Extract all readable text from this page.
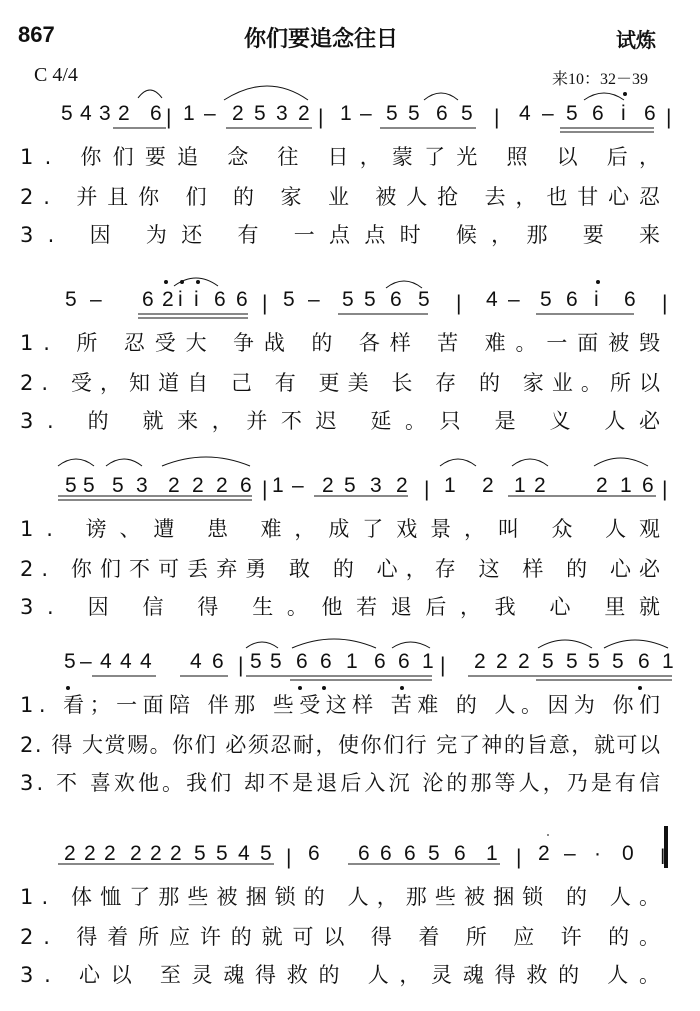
867	你们要追念往日	试炼
C 4/4	来10：32－39
5 4 3 2 6 | 1 – 2 5 3 2 | 1 – 5 5 6 5 | 4 – 5 6 i 6 |
5 – 6 2 i i 6 6 | 5 – 5 5 6 5 | 4 – 5 6 i 6 |
5 5 5 3 2 2 2 6 | 1 – 2 5 3 2 | 1 2 1 2 2 1 6 |
5 – 4 4 4 4 6 | 5 5 6 6 1 6 6 1 | 2 2 2 5 5 5 5 6 1
2 2 2 2 2 2 5 5 4 5 | 6 6 6 6 5 6 1 | 2 – · 0 ‖
1. 你们要追 念 往 日，蒙了光 照 以 后，
2. 并且你 们 的 家 业 被人抢 去，也甘心忍
3. 因 为还 有 一点点时 候，那 要 来
1. 所 忍受大 争战 的 各样 苦 难。一面被毁
2. 受，知道自 己 有 更美 长 存 的 家业。所以
3. 的 就来，并不迟 延。只 是 义 人必
1. 谤、遭 患 难，成了戏景，叫 众 人观
2. 你们不可丢弃勇 敢 的 心，存 这 样 的 心必
3. 因 信 得 生。他若退后，我 心 里就
1. 看；一面陪 伴那 些受这样 苦难 的 人。因为 你们
2. 得 大赏赐。你们 必须忍耐，使你们行 完了神的旨意，就可以
3. 不 喜欢他。我们 却不是退后入沉 沦的那等人，乃是有信
1. 体恤了那些被捆锁的 人，那些被捆锁 的 人。
2. 得着所应许的就可以 得 着 所 应 许 的。
3. 心以 至灵魂得救的 人，灵魂得救的 人。
